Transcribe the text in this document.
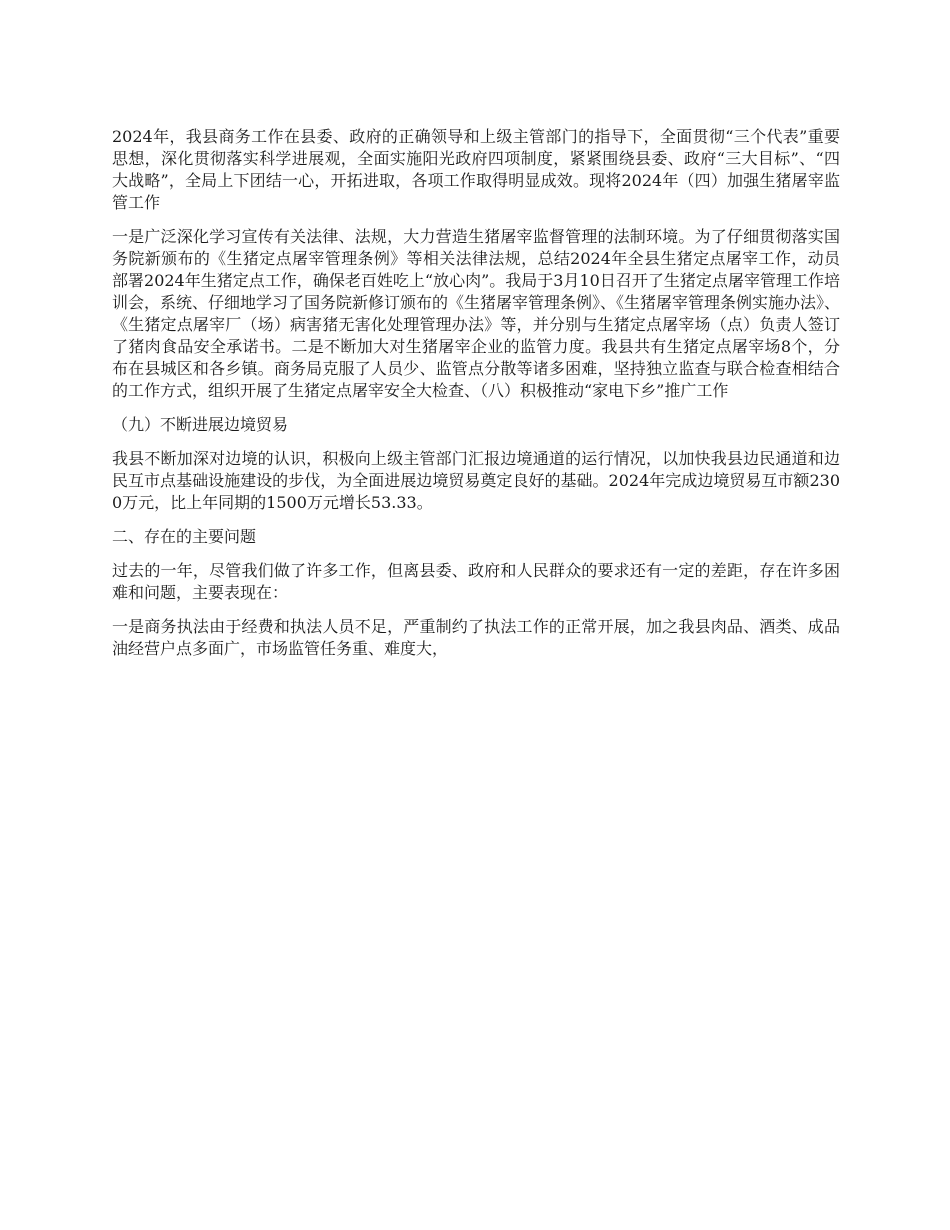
2024年，我县商务工作在县委、政府的正确领导和上级主管部门的指导下，全面贯彻“三个代表”重要思想，深化贯彻落实科学进展观，全面实施阳光政府四项制度，紧紧围绕县委、政府“三大目标”、“四大战略”，全局上下团结一心，开拓进取，各项工作取得明显成效。现将2024年（四）加强生猪屠宰监管工作

一是广泛深化学习宣传有关法律、法规，大力营造生猪屠宰监督管理的法制环境。为了仔细贯彻落实国务院新颁布的《生猪定点屠宰管理条例》等相关法律法规，总结2024年全县生猪定点屠宰工作，动员部署2024年生猪定点工作，确保老百姓吃上“放心肉”。我局于3月10日召开了生猪定点屠宰管理工作培训会，系统、仔细地学习了国务院新修订颁布的《生猪屠宰管理条例》、《生猪屠宰管理条例实施办法》、《生猪定点屠宰厂（场）病害猪无害化处理管理办法》等，并分别与生猪定点屠宰场（点）负责人签订了猪肉食品安全承诺书。二是不断加大对生猪屠宰企业的监管力度。我县共有生猪定点屠宰场8个，分布在县城区和各乡镇。商务局克服了人员少、监管点分散等诸多困难，坚持独立监查与联合检查相结合的工作方式，组织开展了生猪定点屠宰安全大检查、（八）积极推动“家电下乡”推广工作

（九）不断进展边境贸易

我县不断加深对边境的认识，积极向上级主管部门汇报边境通道的运行情况，以加快我县边民通道和边民互市点基础设施建设的步伐，为全面进展边境贸易奠定良好的基础。2024年完成边境贸易互市额2300万元，比上年同期的1500万元增长53.33。

二、存在的主要问题

过去的一年，尽管我们做了许多工作，但离县委、政府和人民群众的要求还有一定的差距，存在许多困难和问题，主要表现在：

一是商务执法由于经费和执法人员不足，严重制约了执法工作的正常开展，加之我县肉品、酒类、成品油经营户点多面广，市场监管任务重、难度大，
